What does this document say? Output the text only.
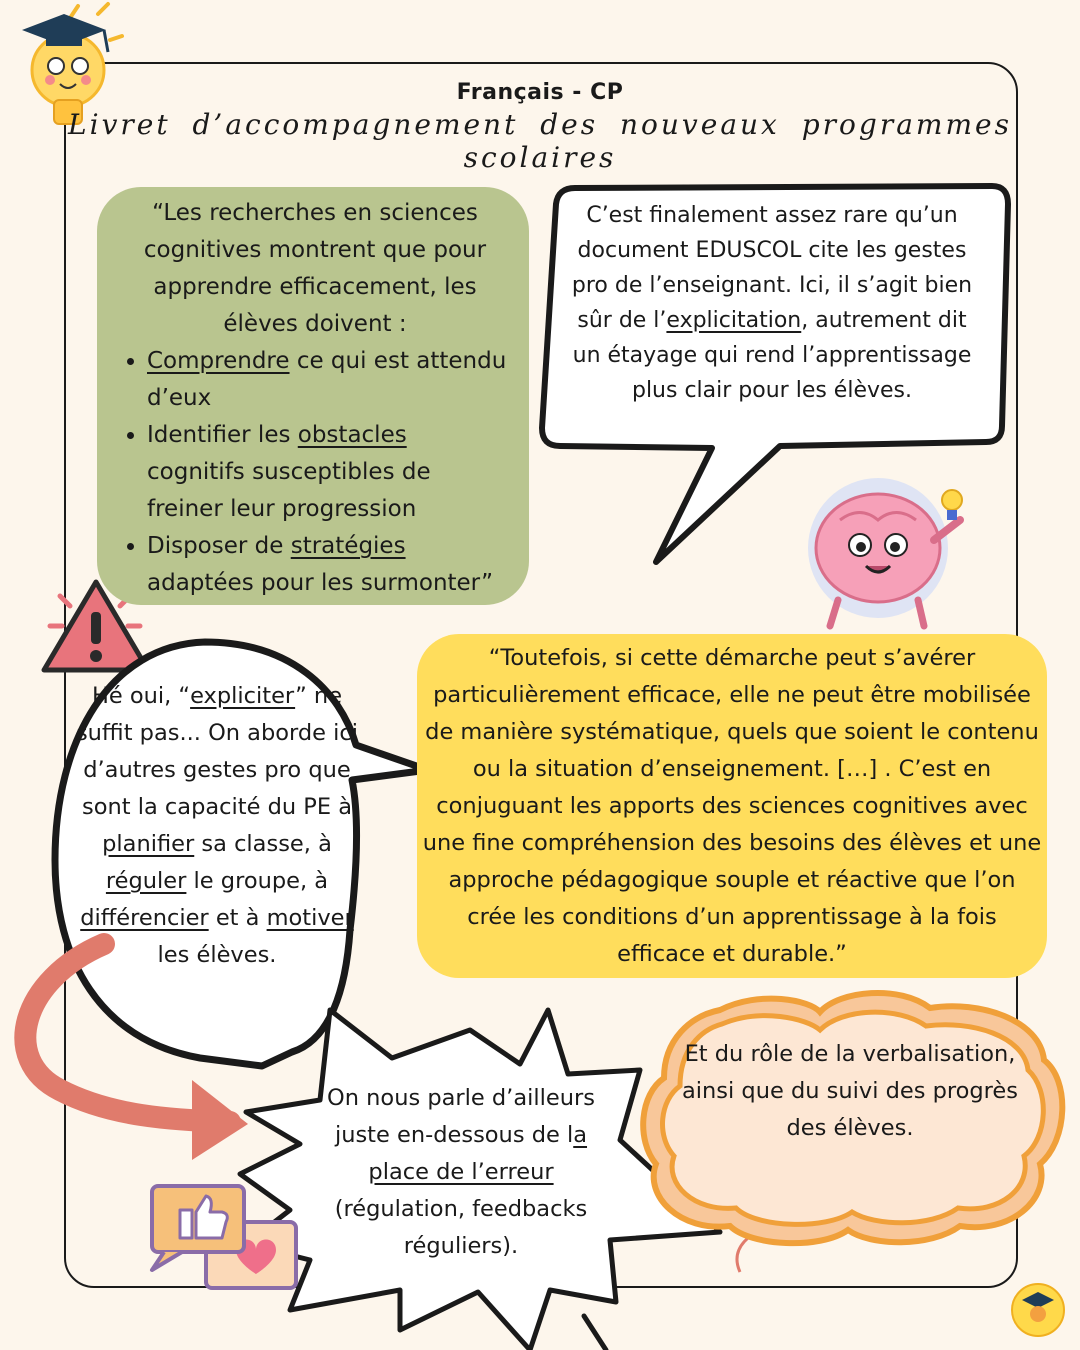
Français - CP
Livret d’accompagnement des nouveaux programmes scolaires

“Les recherches en sciences cognitives montrent que pour apprendre efficacement, les élèves doivent :

• Comprendre ce qui est attendu d’eux
• Identifier les obstacles cognitifs susceptibles de freiner leur progression
• Disposer de stratégies adaptées pour les surmonter”
C’est finalement assez rare qu’un document EDUSCOL cite les gestes pro de l’enseignant. Ici, il s’agit bien sûr de l’explicitation, autrement dit un étayage qui rend l’apprentissage plus clair pour les élèves.
“Toutefois, si cette démarche peut s’avérer particulièrement efficace, elle ne peut être mobilisée de manière systématique, quels que soient le contenu ou la situation d’enseignement. […] . C’est en conjuguant les apports des sciences cognitives avec une fine compréhension des besoins des élèves et une approche pédagogique souple et réactive que l’on crée les conditions d’un apprentissage à la fois efficace et durable.”
Hé oui, “expliciter” ne suffit pas... On aborde ici d’autres gestes pro que sont la capacité du PE à planifier sa classe, à réguler le groupe, à différencier et à motiver les élèves.
On nous parle d’ailleurs juste en-dessous de la place de l’erreur (régulation, feedbacks réguliers).
Et du rôle de la verbalisation, ainsi que du suivi des progrès des élèves.
